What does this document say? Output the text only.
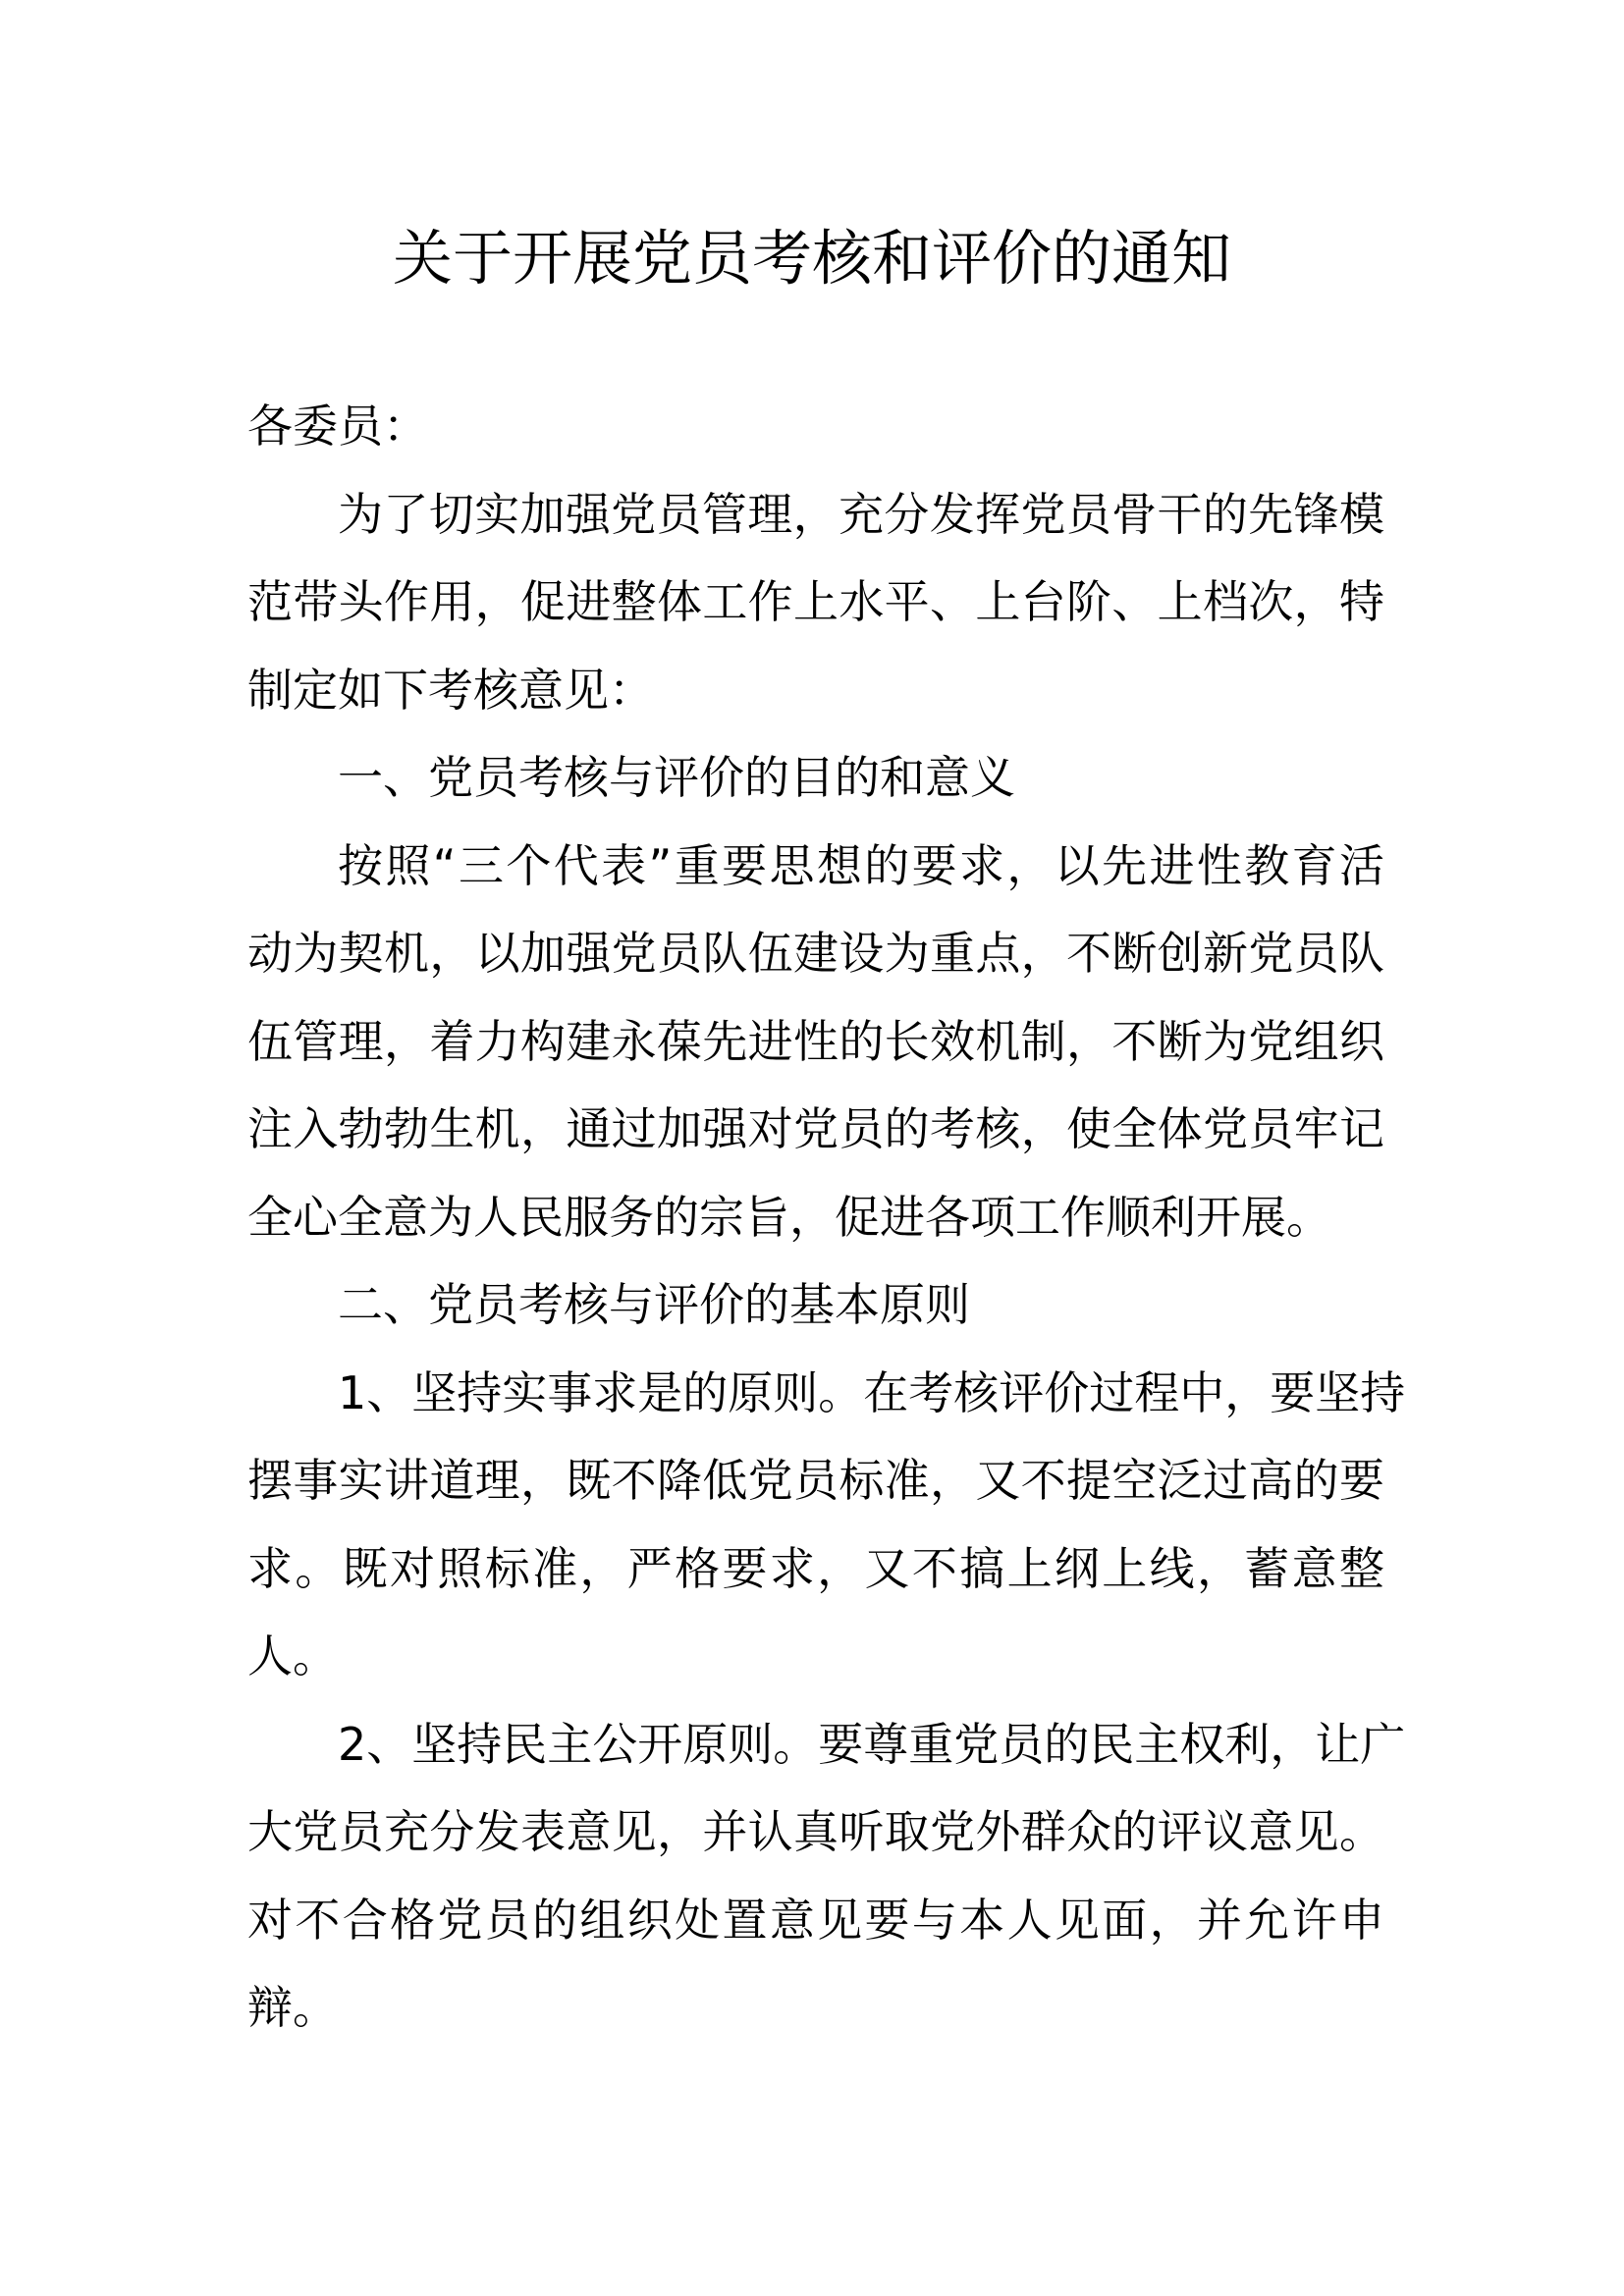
关于开展党员考核和评价的通知
各委员：
为了切实加强党员管理，充分发挥党员骨干的先锋模
范带头作用，促进整体工作上水平、上台阶、上档次，特
制定如下考核意见：
一、党员考核与评价的目的和意义
按照“三个代表”重要思想的要求，以先进性教育活
动为契机，以加强党员队伍建设为重点，不断创新党员队
伍管理，着力构建永葆先进性的长效机制，不断为党组织
注入勃勃生机，通过加强对党员的考核，使全体党员牢记
全心全意为人民服务的宗旨，促进各项工作顺利开展。
二、党员考核与评价的基本原则
1、坚持实事求是的原则。在考核评价过程中，要坚持
摆事实讲道理，既不降低党员标准，又不提空泛过高的要
求。既对照标准，严格要求，又不搞上纲上线，蓄意整
人。
2、坚持民主公开原则。要尊重党员的民主权利，让广
大党员充分发表意见，并认真听取党外群众的评议意见。
对不合格党员的组织处置意见要与本人见面，并允许申
辩。
